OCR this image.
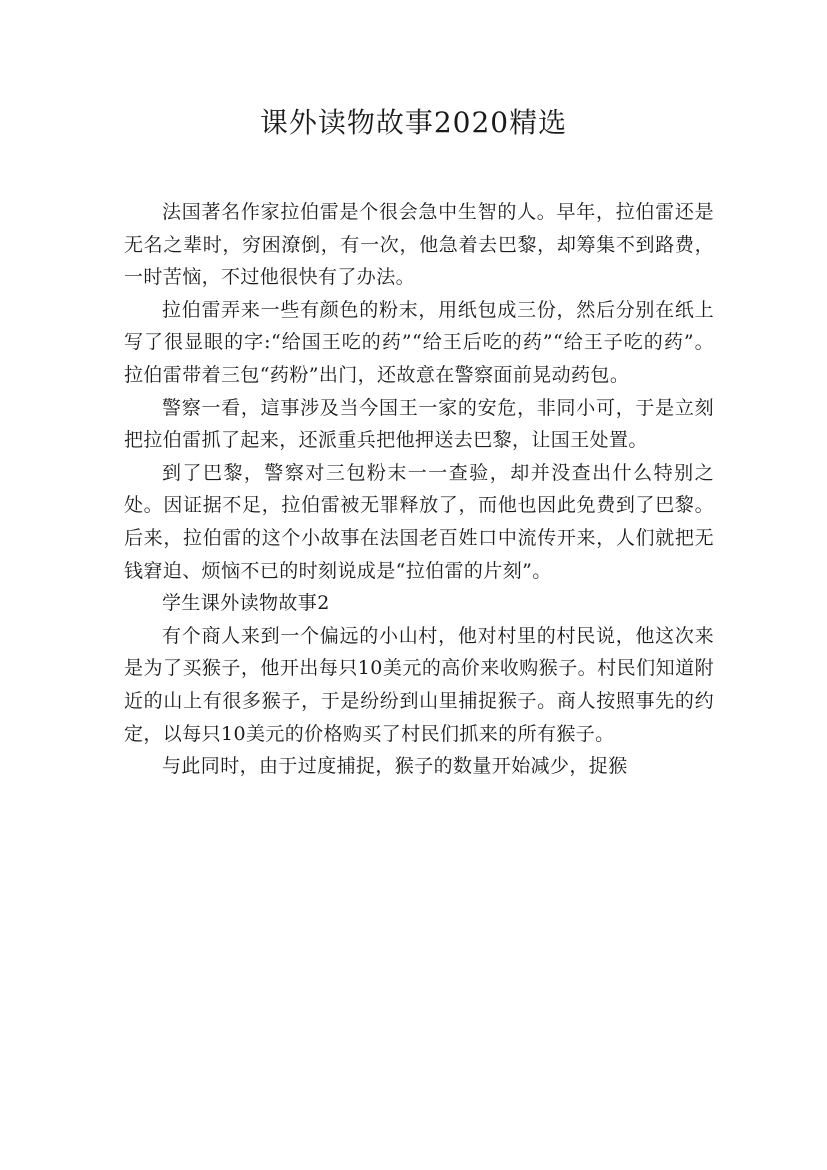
课外读物故事2020精选

法国著名作家拉伯雷是个很会急中生智的人。早年，拉伯雷还是无名之辈时，穷困潦倒，有一次，他急着去巴黎，却筹集不到路费，一时苦恼，不过他很快有了办法。

拉伯雷弄来一些有颜色的粉末，用纸包成三份，然后分别在纸上写了很显眼的字:“给国王吃的药”“给王后吃的药”“给王子吃的药”。拉伯雷带着三包“药粉”出门，还故意在警察面前晃动药包。

警察一看，這事涉及当今国王一家的安危，非同小可，于是立刻把拉伯雷抓了起来，还派重兵把他押送去巴黎，让国王处置。

到了巴黎，警察对三包粉末一一查验，却并没查出什么特别之处。因证据不足，拉伯雷被无罪释放了，而他也因此免费到了巴黎。后来，拉伯雷的这个小故事在法国老百姓口中流传开来，人们就把无钱窘迫、烦恼不已的时刻说成是“拉伯雷的片刻”。

学生课外读物故事2

有个商人来到一个偏远的小山村，他对村里的村民说，他这次来是为了买猴子，他开出每只10美元的高价来收购猴子。村民们知道附近的山上有很多猴子，于是纷纷到山里捕捉猴子。商人按照事先的约定，以每只10美元的价格购买了村民们抓来的所有猴子。

与此同时，由于过度捕捉，猴子的数量开始减少，捉猴
